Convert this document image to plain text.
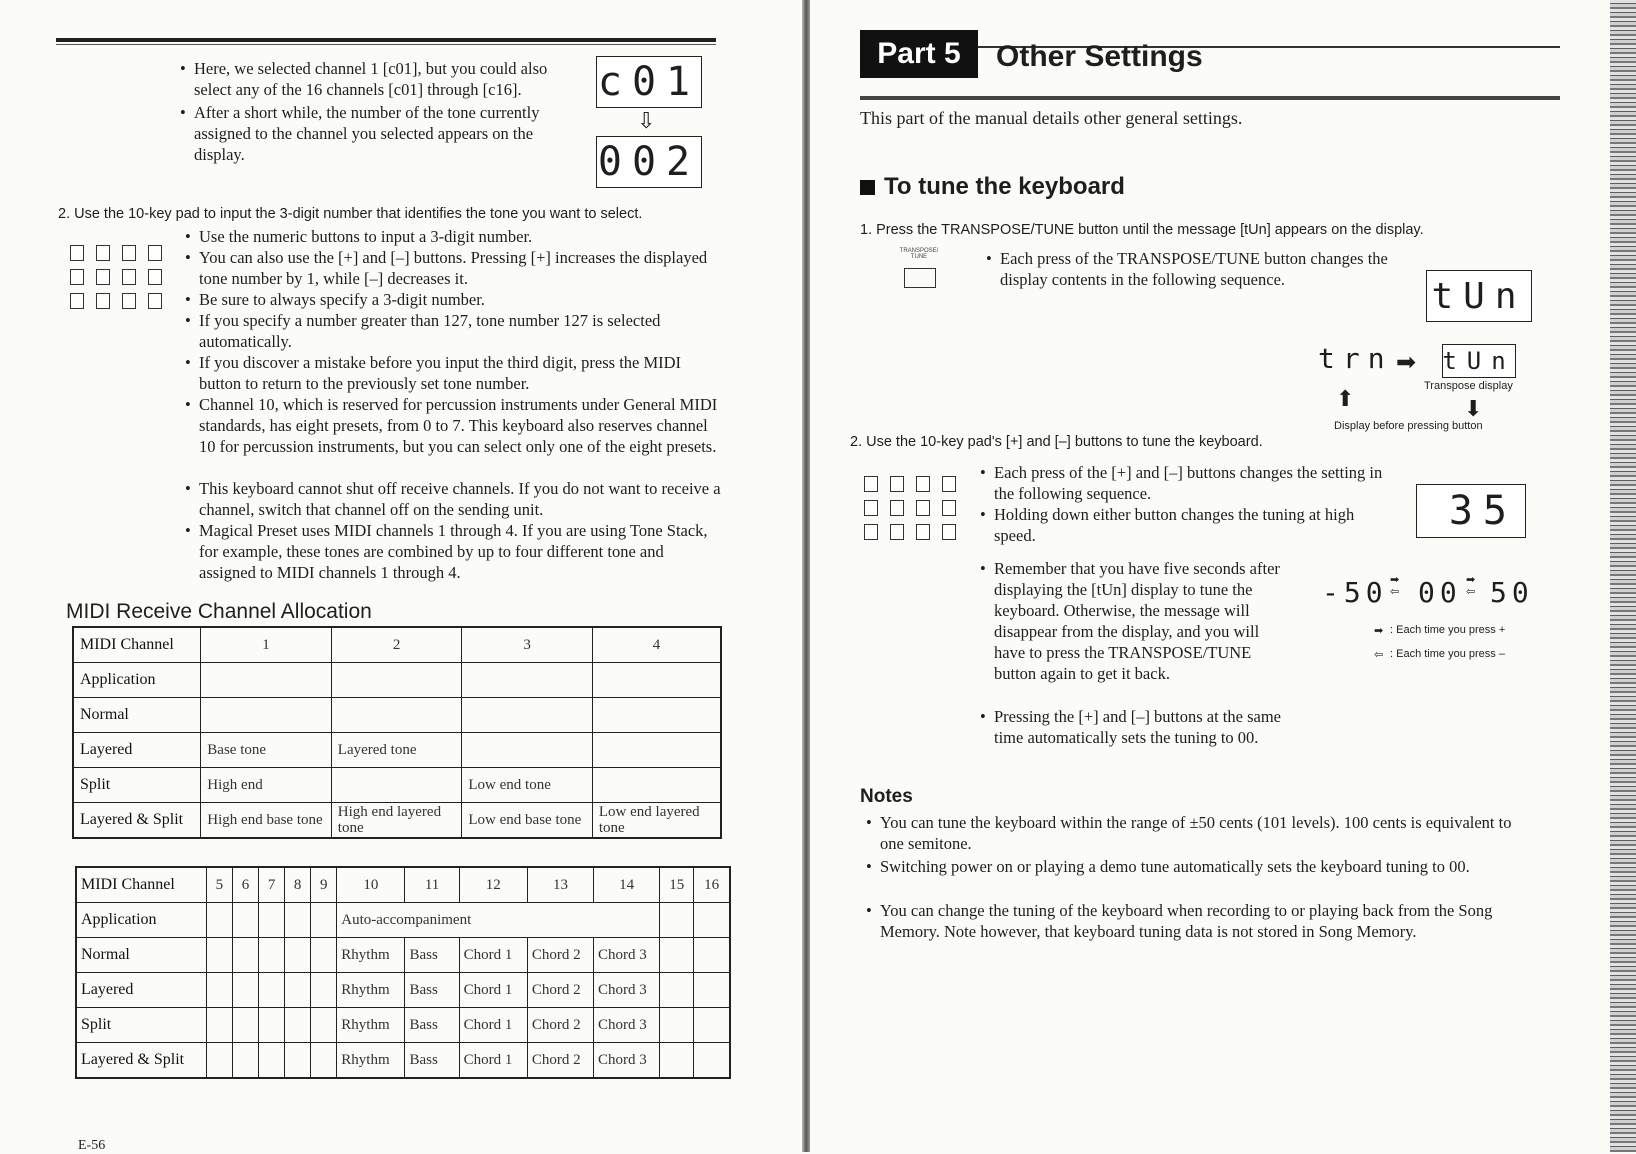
• Here, we selected channel 1 [c01], but you could also select any of the 16 channels [c01] through [c16].
• After a short while, the number of the tone currently assigned to the channel you selected appears on the display.
c01
⇩
002
2. Use the 10-key pad to input the 3-digit number that identifies the tone you want to select.
• Use the numeric buttons to input a 3-digit number.
• You can also use the [+] and [–] buttons. Pressing [+] increases the displayed tone number by 1, while [–] decreases it.
• Be sure to always specify a 3-digit number.
• If you specify a number greater than 127, tone number 127 is selected automatically.
• If you discover a mistake before you input the third digit, press the MIDI button to return to the previously set tone number.
• Channel 10, which is reserved for percussion instruments under General MIDI standards, has eight presets, from 0 to 7. This keyboard also reserves channel 10 for percussion instruments, but you can select only one of the eight presets.
• This keyboard cannot shut off receive channels. If you do not want to receive a channel, switch that channel off on the sending unit.
• Magical Preset uses MIDI channels 1 through 4. If you are using Tone Stack, for example, these tones are combined by up to four different tone and assigned to MIDI channels 1 through 4.
MIDI Receive Channel Allocation
MIDI Channel	1	2	3	4
Application				
Normal				
Layered	Base tone	Layered tone		
Split	High end		Low end tone	
Layered & Split	High end base tone	High end layered tone	Low end base tone	Low end layered tone
MIDI Channel	5	6	7	8	9	10	11	12	13	14	15	16
Application						Auto-accompaniment						
Normal						Rhythm	Bass	Chord 1	Chord 2	Chord 3		
Layered						Rhythm	Bass	Chord 1	Chord 2	Chord 3		
Split						Rhythm	Bass	Chord 1	Chord 2	Chord 3		
Layered & Split						Rhythm	Bass	Chord 1	Chord 2	Chord 3		
E-56
Part 5	Other Settings
This part of the manual details other general settings.
To tune the keyboard
1. Press the TRANSPOSE/TUNE button until the message [tUn] appears on the display.
TRANSPOSE/ TUNE	• Each press of the TRANSPOSE/TUNE button changes the display contents in the following sequence.	tUn
trn ➡ tUn
Transpose display
⬆	⬇
Display before pressing button
2. Use the 10-key pad's [+] and [–] buttons to tune the keyboard.
• Each press of the [+] and [–] buttons changes the setting in the following sequence.
• Holding down either button changes the tuning at high speed.
• Remember that you have five seconds after displaying the [tUn] display to tune the keyboard. Otherwise, the message will disappear from the display, and you will have to press the TRANSPOSE/TUNE button again to get it back.
• Pressing the [+] and [–] buttons at the same time automatically sets the tuning to 00.
35
-50 ➡
⇦ 00 ➡
⇦ 50
➡ : Each time you press +
⇦ : Each time you press –
Notes
• You can tune the keyboard within the range of ±50 cents (101 levels). 100 cents is equivalent to one semitone.
• Switching power on or playing a demo tune automatically sets the keyboard tuning to 00.
• You can change the tuning of the keyboard when recording to or playing back from the Song Memory. Note however, that keyboard tuning data is not stored in Song Memory.
